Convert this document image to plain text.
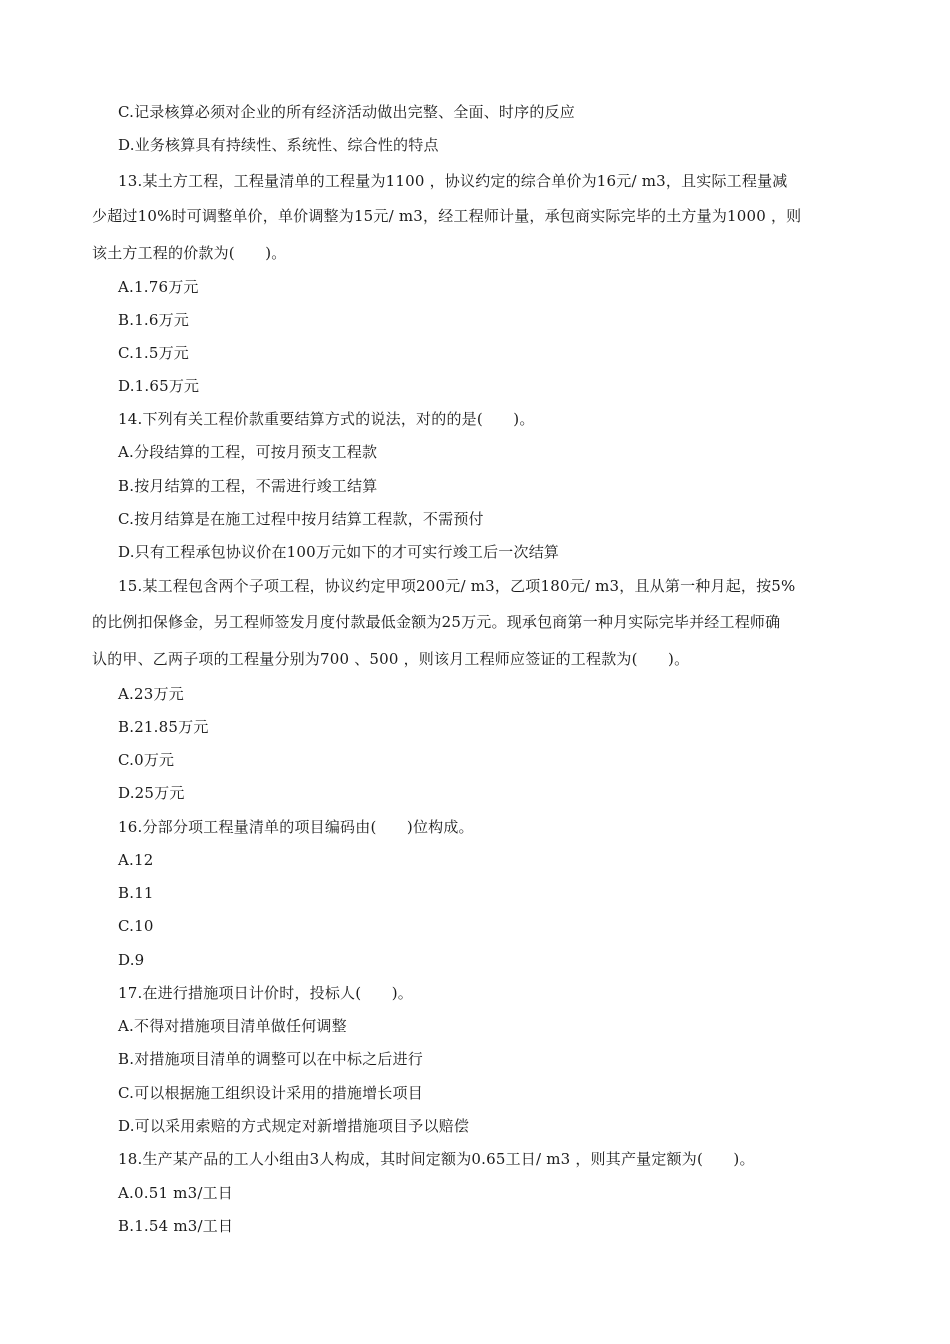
C.记录核算必须对企业的所有经济活动做出完整、全面、时序的反应
D.业务核算具有持续性、系统性、综合性的特点
13.某土方工程，工程量清单的工程量为1100 ，协议约定的综合单价为16元/ m3，且实际工程量减
少超过10%时可调整单价，单价调整为15元/ m3，经工程师计量，承包商实际完毕的土方量为1000 ，则
该土方工程的价款为(　　)。
A.1.76万元
B.1.6万元
C.1.5万元
D.1.65万元
14.下列有关工程价款重要结算方式的说法，对的的是(　　)。
A.分段结算的工程，可按月预支工程款
B.按月结算的工程，不需进行竣工结算
C.按月结算是在施工过程中按月结算工程款，不需预付
D.只有工程承包协议价在100万元如下的才可实行竣工后一次结算
15.某工程包含两个子项工程，协议约定甲项200元/ m3，乙项180元/ m3，且从第一种月起，按5%
的比例扣保修金，另工程师签发月度付款最低金额为25万元。现承包商第一种月实际完毕并经工程师确
认的甲、乙两子项的工程量分别为700 、500 ，则该月工程师应签证的工程款为(　　)。
A.23万元
B.21.85万元
C.0万元
D.25万元
16.分部分项工程量清单的项目编码由(　　)位构成。
A.12
B.11
C.10
D.9
17.在进行措施项日计价时，投标人(　　)。
A.不得对措施项目清单做任何调整
B.对措施项目清单的调整可以在中标之后进行
C.可以根据施工组织设计采用的措施增长项目
D.可以采用索赔的方式规定对新增措施项目予以赔偿
18.生产某产品的工人小组由3人构成，其时间定额为0.65工日/ m3 ，则其产量定额为(　　)。
A.0.51 m3/工日
B.1.54 m3/工日
